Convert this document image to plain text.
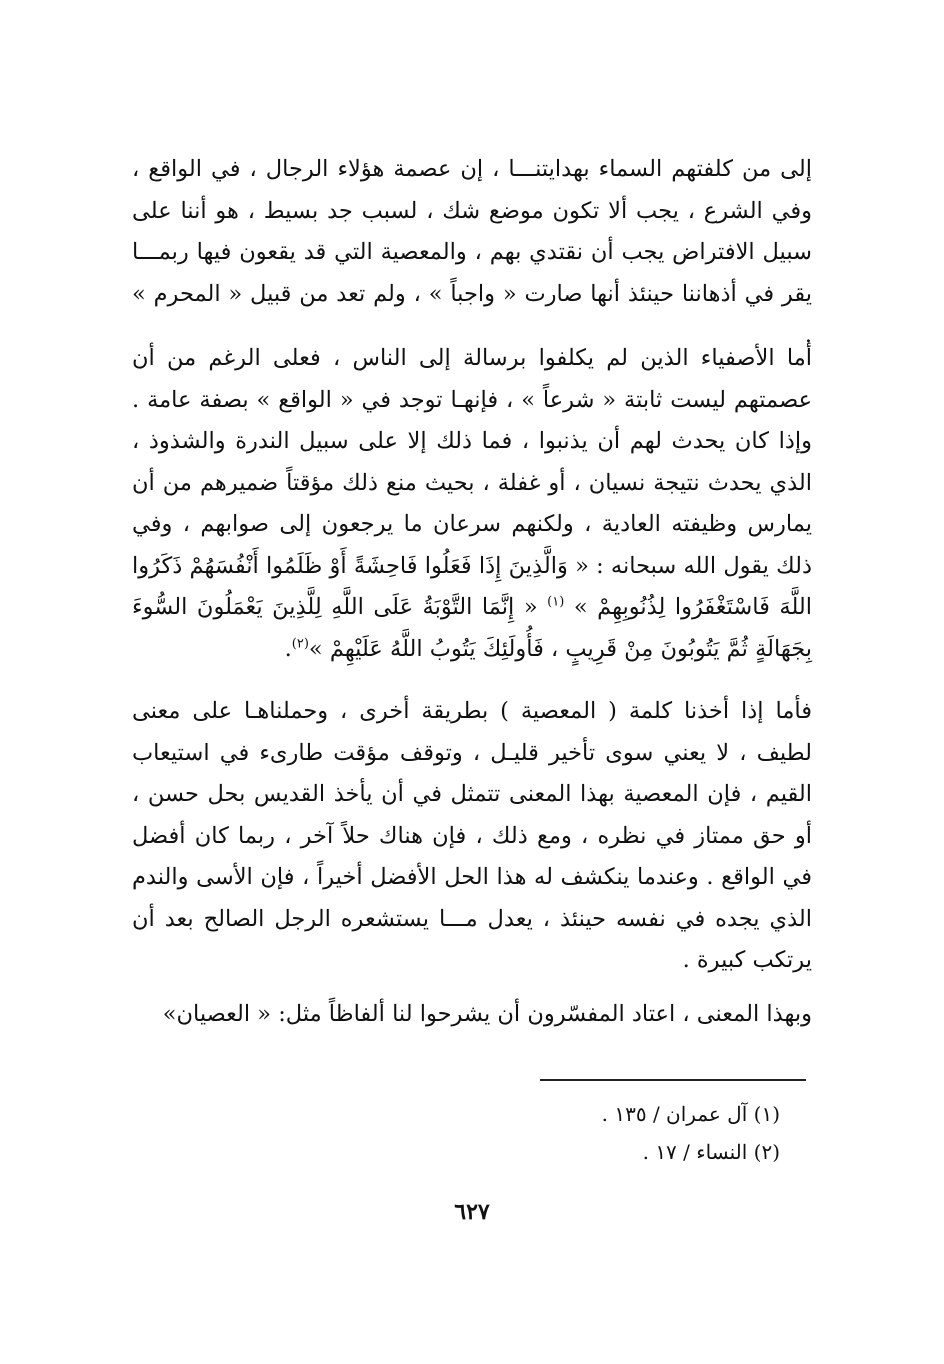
إلى من كلفتهم السماء بهدايتنـــا ، إن عصمة هؤلاء الرجال ، في الواقع ، وفي الشرع ، يجب ألا تكون موضع شك ، لسبب جد بسيط ، هو أننا على سبيل الافتراض يجب أن نقتدي بهم ، والمعصية التي قد يقعون فيها ربمـــا يقر في أذهاننا حينئذ أنها صارت « واجباً » ، ولم تعد من قبيل « المحرم » .

أما الأصفياء الذين لم يكلفوا برسالة إلى الناس ، فعلى الرغم من أن عصمتهم ليست ثابتة « شرعاً » ، فإنهـا توجد في « الواقع » بصفة عامة . وإذا كان يحدث لهم أن يذنبوا ، فما ذلك إلا على سبيل الندرة والشذوذ ، الذي يحدث نتيجة نسيان ، أو غفلة ، بحيث منع ذلك مؤقتاً ضميرهم من أن يمارس وظيفته العادية ، ولكنهم سرعان ما يرجعون إلى صوابهم ، وفي ذلك يقول الله سبحانه : « وَالَّذِينَ إِذَا فَعَلُوا فَاحِشَةً أَوْ ظَلَمُوا أَنْفُسَهُمْ ذَكَرُوا اللَّهَ فَاسْتَغْفَرُوا لِذُنُوبِهِمْ » $^{(١)}$ « إِنَّمَا التَّوْبَةُ عَلَى اللَّهِ لِلَّذِينَ يَعْمَلُونَ السُّوءَ بِجَهَالَةٍ ثُمَّ يَتُوبُونَ مِنْ قَرِيبٍ ، فَأُولَئِكَ يَتُوبُ اللَّهُ عَلَيْهِمْ »$^{(٢)}$.

فأما إذا أخذنا كلمة ( المعصية ) بطريقة أخرى ، وحملناهـا على معنى لطيف ، لا يعني سوى تأخير قليـل ، وتوقف مؤقت طارىء في استيعاب القيم ، فإن المعصية بهذا المعنى تتمثل في أن يأخذ القديس بحل حسن ، أو حق ممتاز في نظره ، ومع ذلك ، فإن هناك حلاً آخر ، ربما كان أفضل في الواقع . وعندما ينكشف له هذا الحل الأفضل أخيراً ، فإن الأسى والندم الذي يجده في نفسه حينئذ ، يعدل مـــا يستشعره الرجل الصالح بعد أن يرتكب كبيرة .

وبهذا المعنى ، اعتاد المفسّرون أن يشرحوا لنا ألفاظاً مثل: « العصيان»

(١) آل عمران / ١٣٥ .

(٢) النساء / ١٧ .

٦٢٧
